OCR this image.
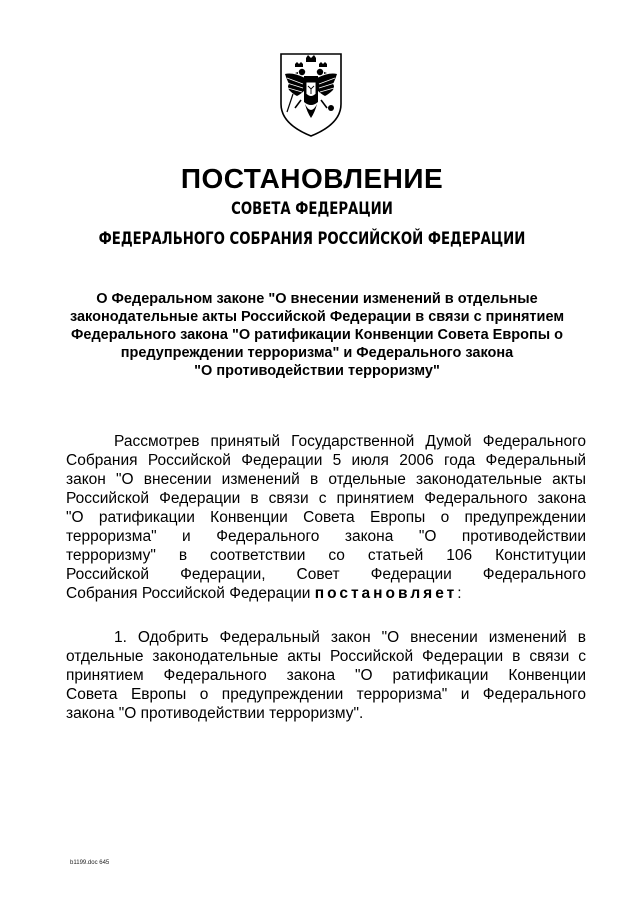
ПОСТАНОВЛЕНИЕ
СОВЕТА ФЕДЕРАЦИИ
ФЕДЕРАЛЬНОГО СОБРАНИЯ РОССИЙСКОЙ ФЕДЕРАЦИИ
О Федеральном законе "О внесении изменений в отдельные
законодательные акты Российской Федерации в связи с принятием
Федерального закона "О ратификации Конвенции Совета Европы о
предупреждении терроризма" и Федерального закона
"О противодействии терроризму"
Рассмотрев принятый Государственной Думой Федерального
Собрания Российской Федерации 5 июля 2006 года Федеральный
закон "О внесении изменений в отдельные законодательные акты
Российской Федерации в связи с принятием Федерального закона
"О ратификации Конвенции Совета Европы о предупреждении
терроризма" и Федерального закона "О противодействии
терроризму" в соответствии со статьей 106 Конституции
Российской Федерации, Совет Федерации Федерального
Собрания Российской Федерации постановляет:
1. Одобрить Федеральный закон "О внесении изменений в
отдельные законодательные акты Российской Федерации в связи с
принятием Федерального закона "О ратификации Конвенции
Совета Европы о предупреждении терроризма" и Федерального
закона "О противодействии терроризму".
b1199.doc 645
